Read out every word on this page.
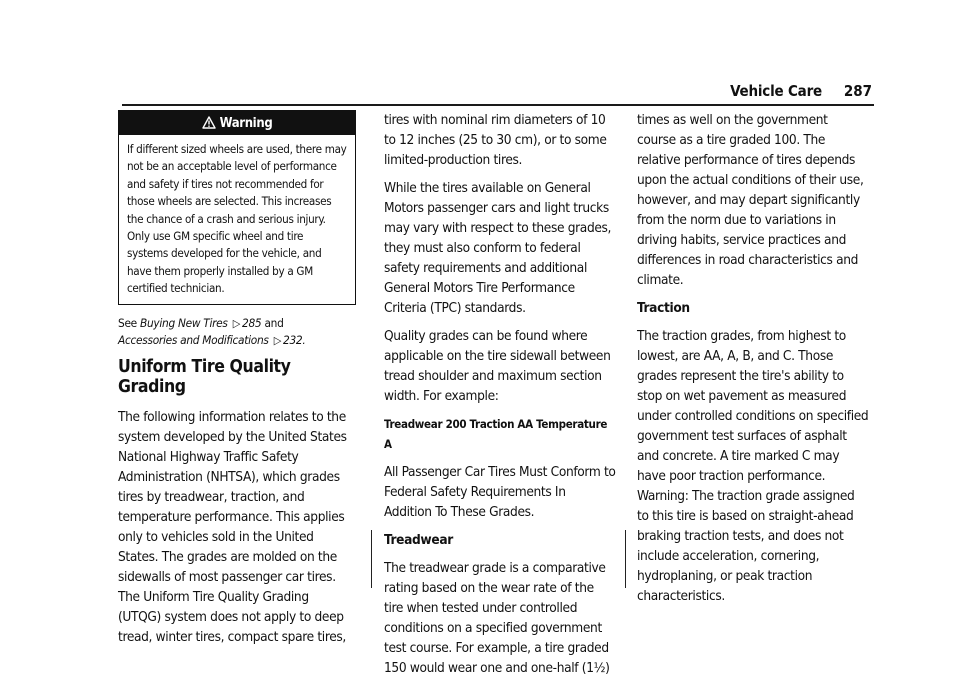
Vehicle Care 287
Warning
If different sized wheels are used, there may not be an acceptable level of performance and safety if tires not recommended for those wheels are selected. This increases the chance of a crash and serious injury. Only use GM specific wheel and tire systems developed for the vehicle, and have them properly installed by a GM certified technician.

See Buying New Tires ▷ 285 and
Accessories and Modifications ▷ 232.

Uniform Tire Quality Grading

The following information relates to the system developed by the United States National Highway Traffic Safety Administration (NHTSA), which grades tires by treadwear, traction, and temperature performance. This applies only to vehicles sold in the United States. The grades are molded on the sidewalls of most passenger car tires. The Uniform Tire Quality Grading (UTQG) system does not apply to deep tread, winter tires, compact spare tires,

tires with nominal rim diameters of 10 to 12 inches (25 to 30 cm), or to some limited-production tires.

While the tires available on General Motors passenger cars and light trucks may vary with respect to these grades, they must also conform to federal safety requirements and additional General Motors Tire Performance Criteria (TPC) standards.

Quality grades can be found where applicable on the tire sidewall between tread shoulder and maximum section width. For example:

Treadwear 200 Traction AA Temperature A

All Passenger Car Tires Must Conform to Federal Safety Requirements In Addition To These Grades.

Treadwear

The treadwear grade is a comparative rating based on the wear rate of the tire when tested under controlled conditions on a specified government test course. For example, a tire graded 150 would wear one and one-half (1½)

times as well on the government course as a tire graded 100. The relative performance of tires depends upon the actual conditions of their use, however, and may depart significantly from the norm due to variations in driving habits, service practices and differences in road characteristics and climate.

Traction

The traction grades, from highest to lowest, are AA, A, B, and C. Those grades represent the tire's ability to stop on wet pavement as measured under controlled conditions on specified government test surfaces of asphalt and concrete. A tire marked C may have poor traction performance. Warning: The traction grade assigned to this tire is based on straight-ahead braking traction tests, and does not include acceleration, cornering, hydroplaning, or peak traction characteristics.
